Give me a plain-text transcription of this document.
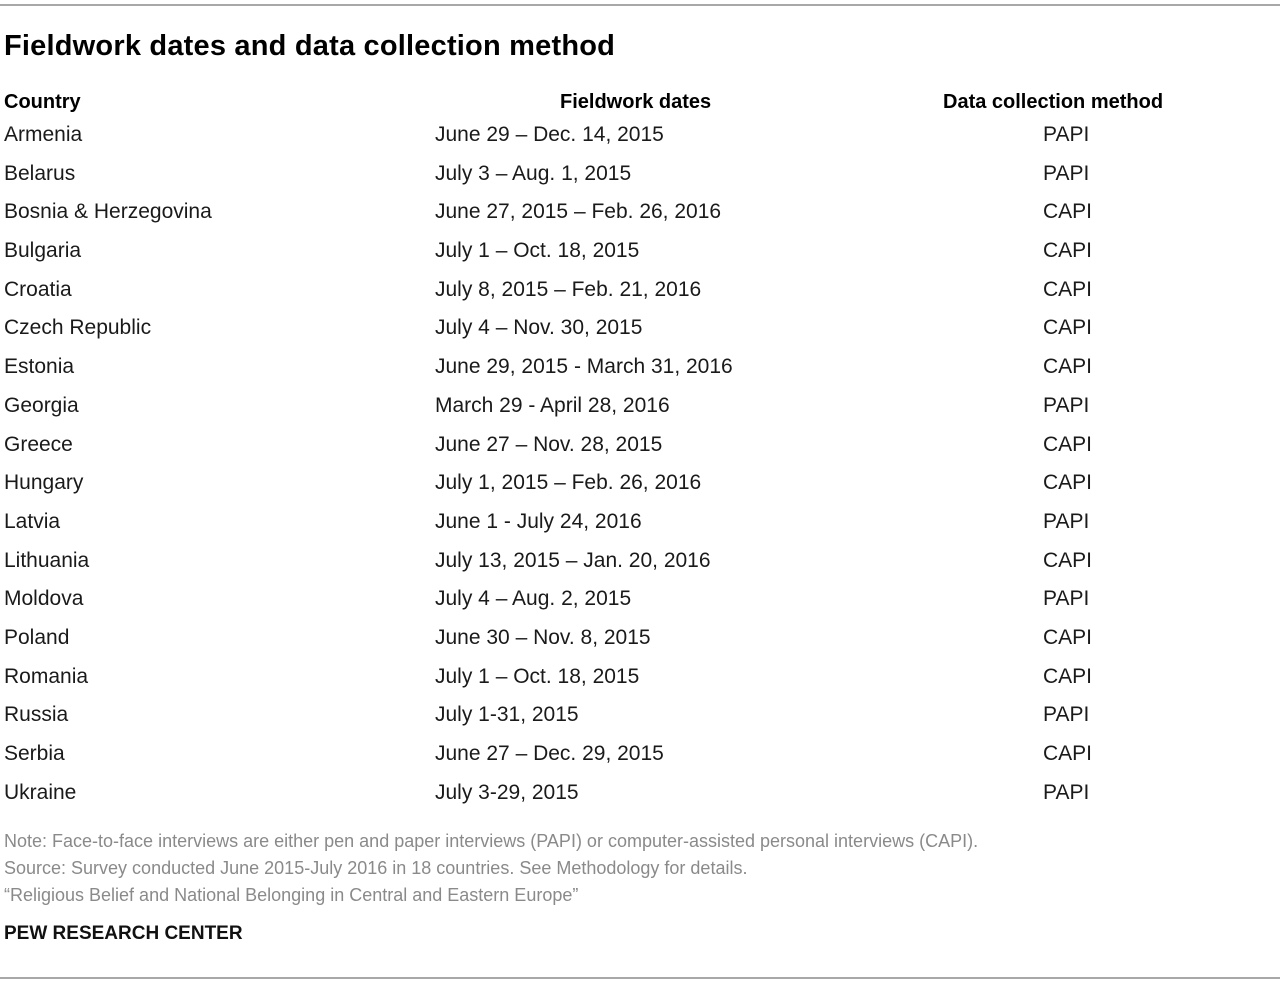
Fieldwork dates and data collection method
Country	Fieldwork dates	Data collection method
Armenia	June 29 – Dec. 14, 2015	PAPI
Belarus	July 3 – Aug. 1, 2015	PAPI
Bosnia & Herzegovina	June 27, 2015 – Feb. 26, 2016	CAPI
Bulgaria	July 1 – Oct. 18, 2015	CAPI
Croatia	July 8, 2015 – Feb. 21, 2016	CAPI
Czech Republic	July 4 – Nov. 30, 2015	CAPI
Estonia	June 29, 2015 - March 31, 2016	CAPI
Georgia	March 29 - April 28, 2016	PAPI
Greece	June 27 – Nov. 28, 2015	CAPI
Hungary	July 1, 2015 – Feb. 26, 2016	CAPI
Latvia	June 1 - July 24, 2016	PAPI
Lithuania	July 13, 2015 – Jan. 20, 2016	CAPI
Moldova	July 4 – Aug. 2, 2015	PAPI
Poland	June 30 – Nov. 8, 2015	CAPI
Romania	July 1 – Oct. 18, 2015	CAPI
Russia	July 1-31, 2015	PAPI
Serbia	June 27 – Dec. 29, 2015	CAPI
Ukraine	July 3-29, 2015	PAPI
Note: Face-to-face interviews are either pen and paper interviews (PAPI) or computer-assisted personal interviews (CAPI).
Source: Survey conducted June 2015-July 2016 in 18 countries. See Methodology for details.
“Religious Belief and National Belonging in Central and Eastern Europe”
PEW RESEARCH CENTER
